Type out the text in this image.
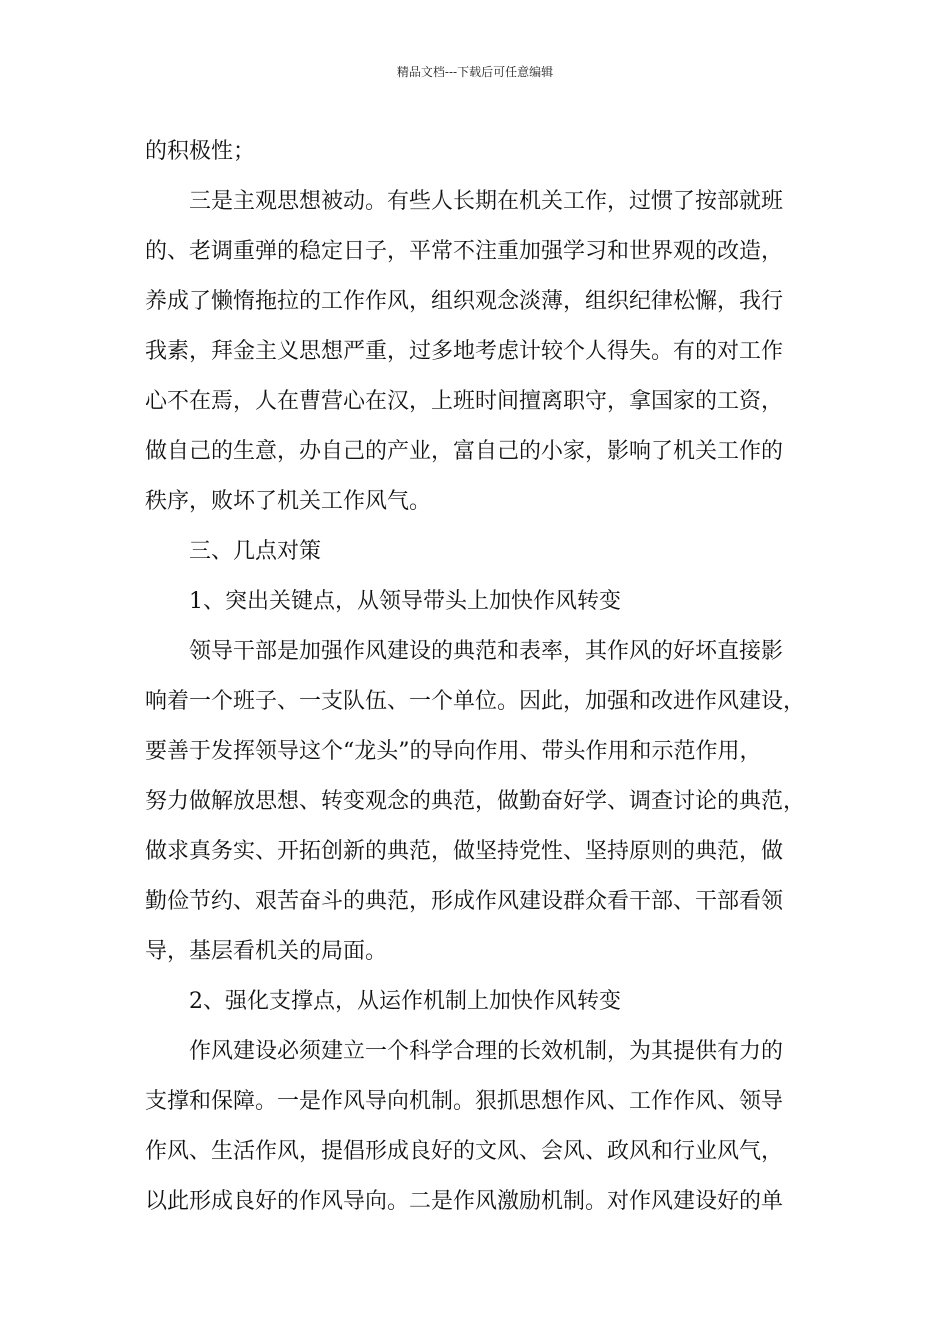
精品文档---下载后可任意编辑
的积极性；
三是主观思想被动。有些人长期在机关工作，过惯了按部就班
的、老调重弹的稳定日子，平常不注重加强学习和世界观的改造，
养成了懒惰拖拉的工作作风，组织观念淡薄，组织纪律松懈，我行
我素，拜金主义思想严重，过多地考虑计较个人得失。有的对工作
心不在焉，人在曹营心在汉，上班时间擅离职守，拿国家的工资，
做自己的生意，办自己的产业，富自己的小家，影响了机关工作的
秩序，败坏了机关工作风气。
三、几点对策
1、突出关键点，从领导带头上加快作风转变
领导干部是加强作风建设的典范和表率，其作风的好坏直接影
响着一个班子、一支队伍、一个单位。因此，加强和改进作风建设，
要善于发挥领导这个“龙头”的导向作用、带头作用和示范作用，
努力做解放思想、转变观念的典范，做勤奋好学、调查讨论的典范，
做求真务实、开拓创新的典范，做坚持党性、坚持原则的典范，做
勤俭节约、艰苦奋斗的典范，形成作风建设群众看干部、干部看领
导，基层看机关的局面。
2、强化支撑点，从运作机制上加快作风转变
作风建设必须建立一个科学合理的长效机制，为其提供有力的
支撑和保障。一是作风导向机制。狠抓思想作风、工作作风、领导
作风、生活作风，提倡形成良好的文风、会风、政风和行业风气，
以此形成良好的作风导向。二是作风激励机制。对作风建设好的单
